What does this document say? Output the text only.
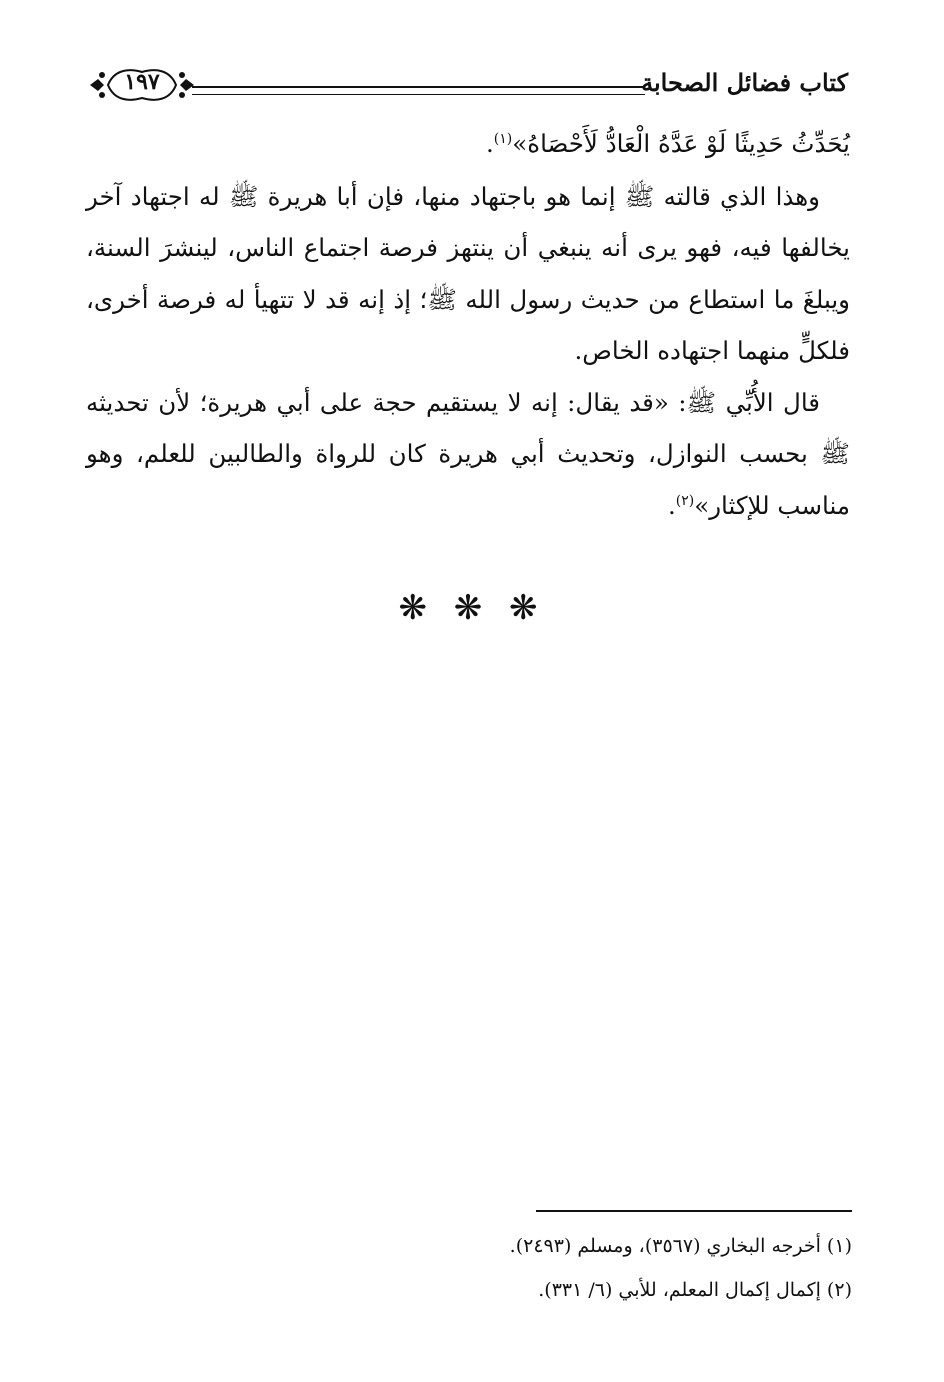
كتاب فضائل الصحابة
١٩٧

يُحَدِّثُ حَدِيثًا لَوْ عَدَّهُ الْعَادُّ لَأَحْصَاهُ»$^{(١)}$.

وهذا الذي قالته ﷺ إنما هو باجتهاد منها، فإن أبا هريرة ﷺ له اجتهاد آخر يخالفها فيه، فهو يرى أنه ينبغي أن ينتهز فرصة اجتماع الناس، لينشرَ السنة، ويبلغَ ما استطاع من حديث رسول الله ﷺ؛ إذ إنه قد لا تتهيأ له فرصة أخرى، فلكلٍّ منهما اجتهاده الخاص.

قال الأُبِّي ﷺ: «قد يقال: إنه لا يستقيم حجة على أبي هريرة؛ لأن تحديثه ﷺ بحسب النوازل، وتحديث أبي هريرة كان للرواة والطالبين للعلم، وهو مناسب للإكثار»$^{(٢)}$.

❋ ❋ ❋

(١) أخرجه البخاري (٣٥٦٧)، ومسلم (٢٤٩٣).

(٢) إكمال إكمال المعلم، للأبي (٦/ ٣٣١).
